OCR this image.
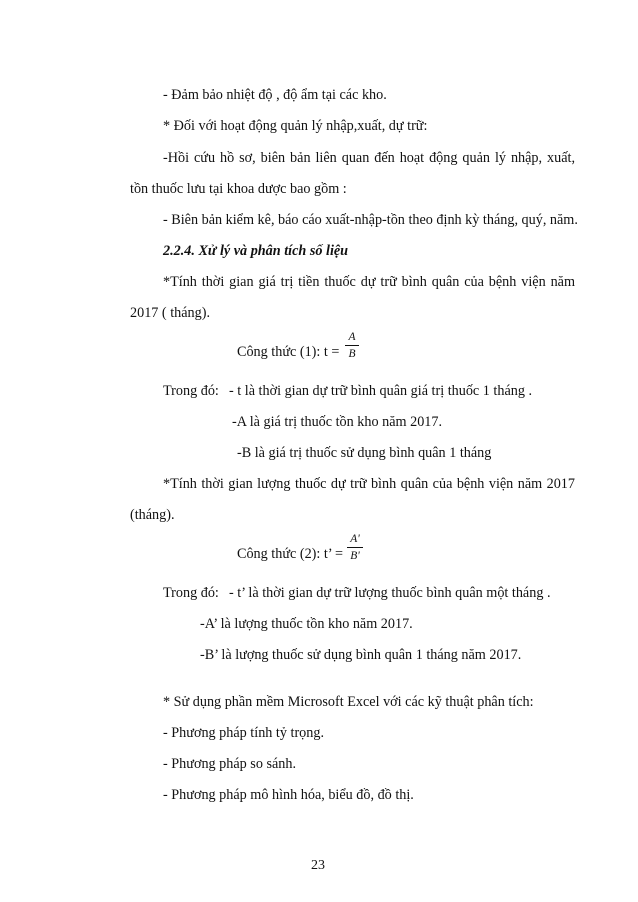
- Đảm bảo nhiệt độ , độ ẩm tại các kho.
* Đối với hoạt động quản lý nhập,xuất, dự trữ:
-Hồi cứu hồ sơ, biên bản liên quan đến hoạt động quản lý nhập, xuất,
tồn thuốc lưu tại khoa dược bao gồm :
- Biên bản kiểm kê, báo cáo xuất-nhập-tồn theo định kỳ tháng, quý, năm.
2.2.4. Xử lý và phân tích số liệu
*Tính thời gian giá trị tiền thuốc dự trữ bình quân của bệnh viện năm
2017 ( tháng).
Công thức (1): t =
A
B
Trong đó: - t là thời gian dự trữ bình quân giá trị thuốc 1 tháng .
-A là giá trị thuốc tồn kho năm 2017.
-B là giá trị thuốc sử dụng bình quân 1 tháng
*Tính thời gian lượng thuốc dự trữ bình quân của bệnh viện năm 2017
(tháng).
Công thức (2): t’ =
A'
B'
Trong đó: - t’ là thời gian dự trữ lượng thuốc bình quân một tháng .
-A’ là lượng thuốc tồn kho năm 2017.
-B’ là lượng thuốc sử dụng bình quân 1 tháng năm 2017.
* Sử dụng phần mềm Microsoft Excel với các kỹ thuật phân tích:
- Phương pháp tính tỷ trọng.
- Phương pháp so sánh.
- Phương pháp mô hình hóa, biểu đồ, đồ thị.
23
